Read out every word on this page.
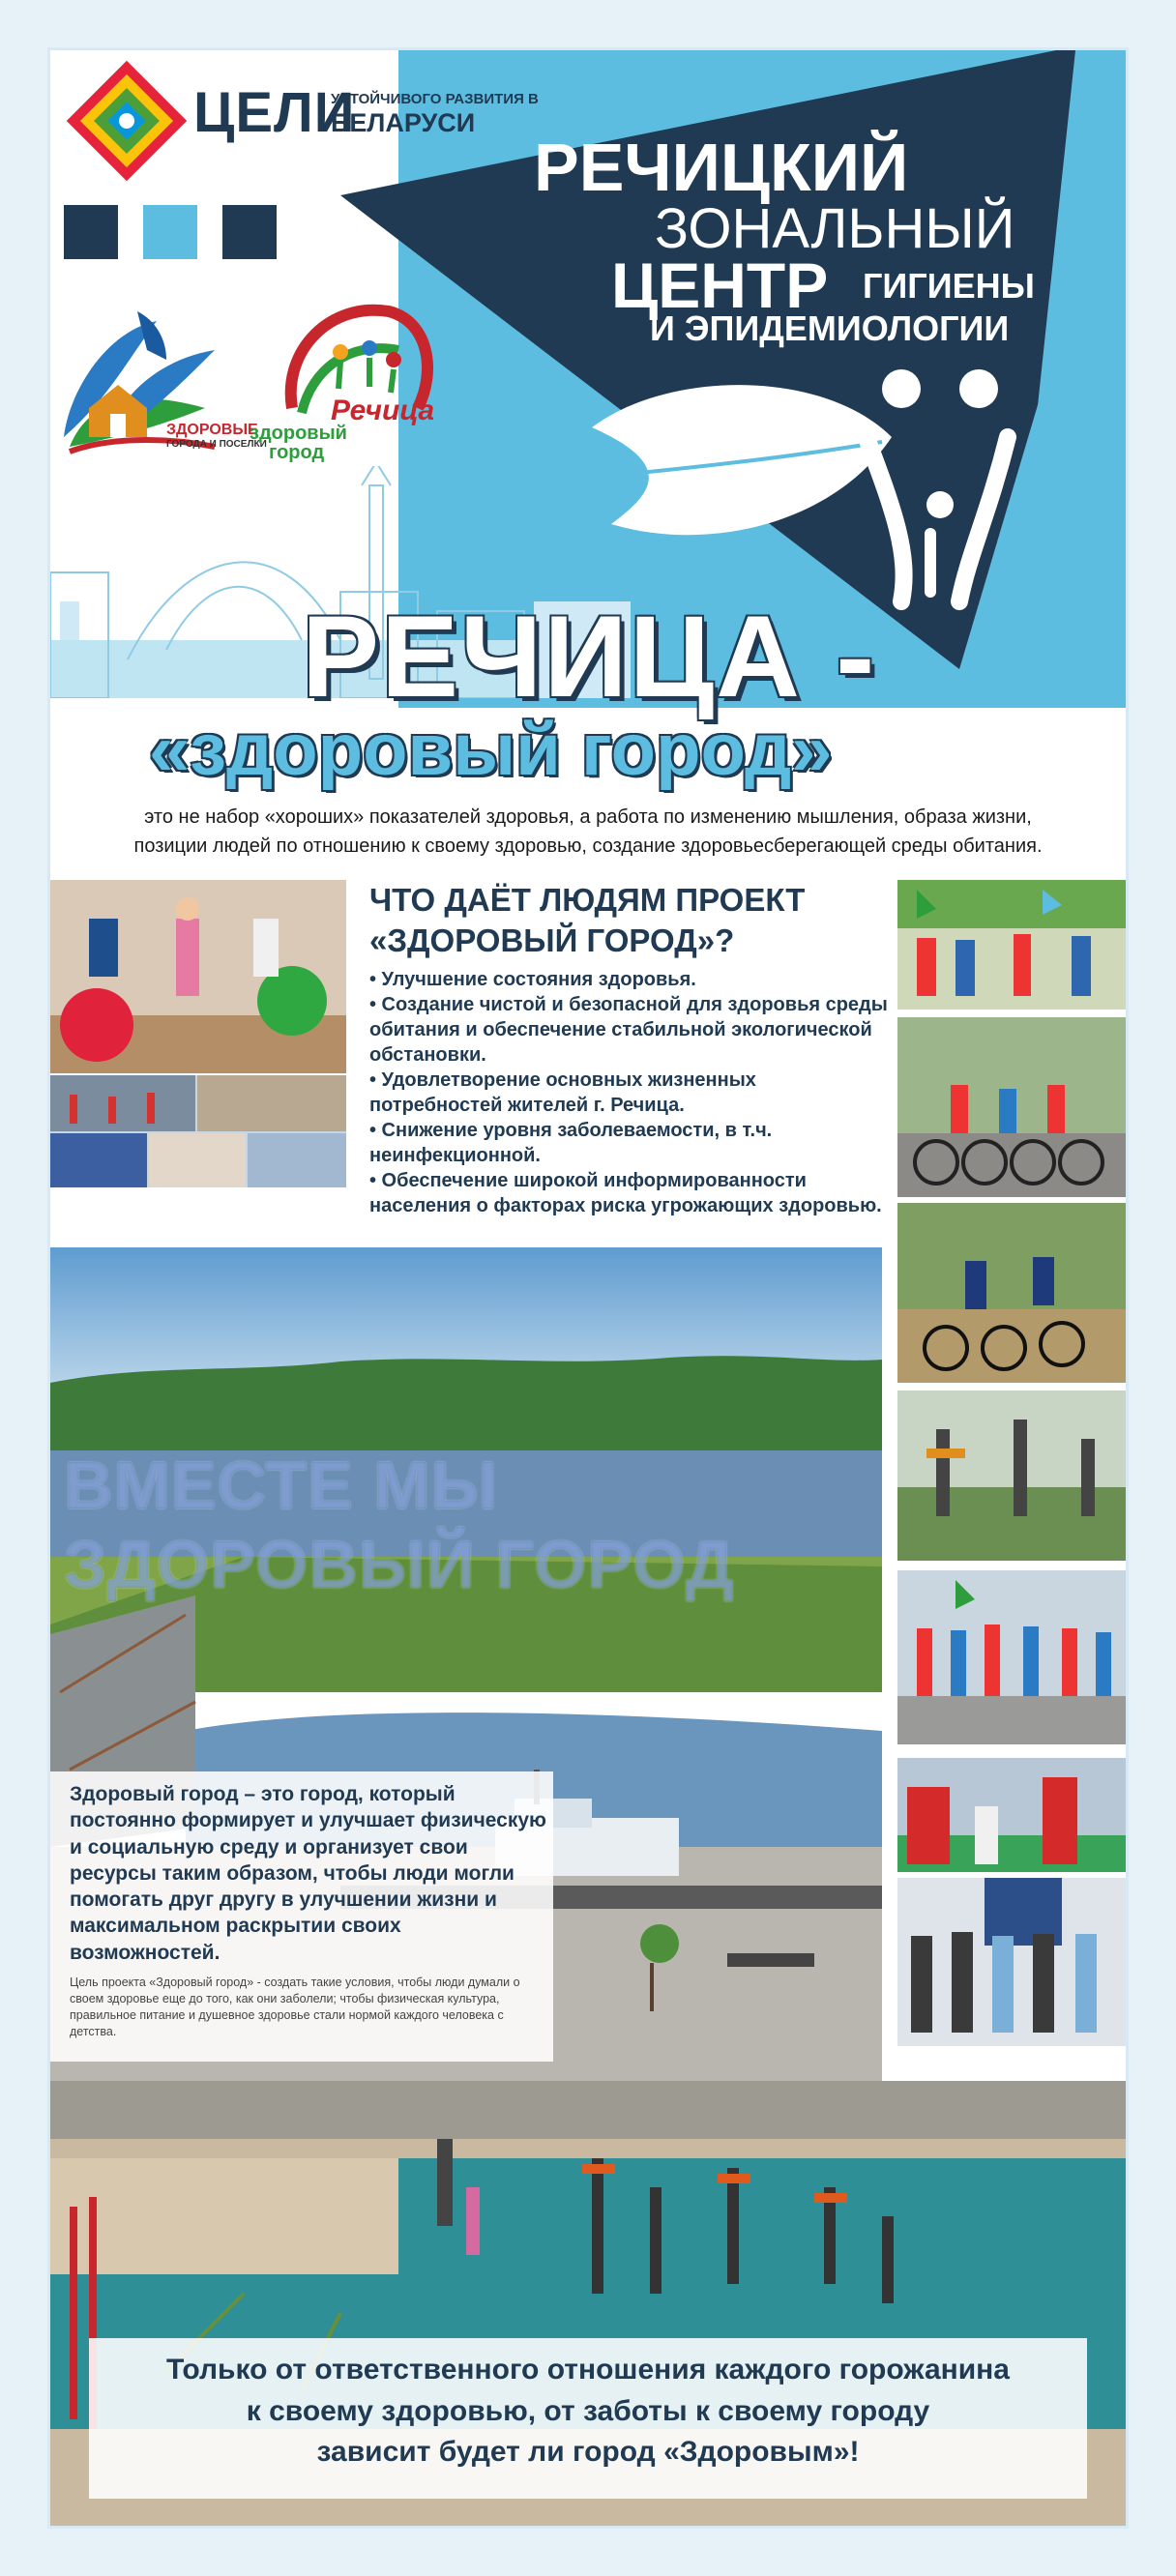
ЦЕЛИ
УСТОЙЧИВОГО РАЗВИТИЯ В
БЕЛАРУСИ
РЕЧИЦКИЙ
ЗОНАЛЬНЫЙ
ЦЕНТР ГИГИЕНЫ
И ЭПИДЕМИОЛОГИИ
ЗДОРОВЫЕ
ГОРОДА И ПОСЕЛКИ
Речица
здоровый
город
РЕЧИЦА -
«здоровый город»
это не набор «хороших» показателей здоровья, а работа по изменению мышления, образа жизни,
позиции людей по отношению к своему здоровью, создание здоровьесберегающей среды обитания.
ЧТО ДАЁТ ЛЮДЯМ ПРОЕКТ
«ЗДОРОВЫЙ ГОРОД»?
• Улучшение состояния здоровья.
• Создание чистой и безопасной для здоровья среды обитания и обеспечение стабильной экологической обстановки.
• Удовлетворение основных жизненных потребностей жителей г. Речица.
• Снижение уровня заболеваемости, в т.ч. неинфекционной.
• Обеспечение широкой информированности населения о факторах риска угрожающих здоровью.
ВМЕСТЕ МЫ
ЗДОРОВЫЙ ГОРОД
Здоровый город – это город, который постоянно формирует и улучшает физическую и социальную среду и организует свои ресурсы таким образом, чтобы люди могли помогать друг другу в улучшении жизни и максимальном раскрытии своих возможностей.
Цель проекта «Здоровый город» - создать такие условия, чтобы люди думали о своем здоровье еще до того, как они заболели; чтобы физическая культура, правильное питание и душевное здоровье стали нормой каждого человека с детства.
Только от ответственного отношения каждого горожанина
к своему здоровью, от заботы к своему городу
зависит будет ли город «Здоровым»!
